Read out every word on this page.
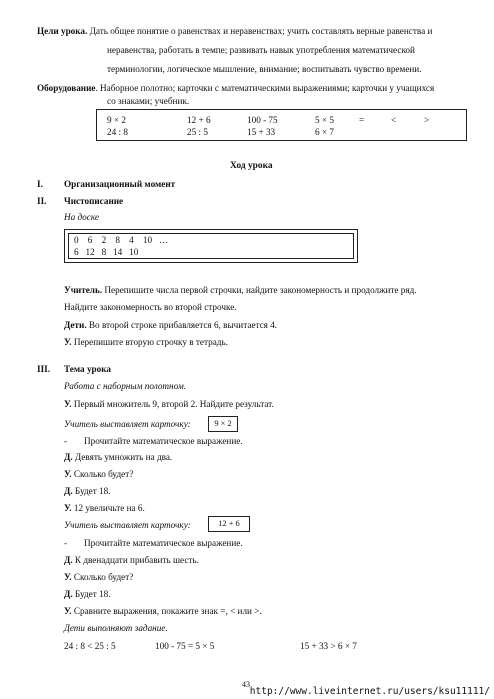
Цели урока. Дать общее понятие о равенствах и неравенствах; учить составлять верные равенства и
неравенства, работать в темпе; развивать навык употребления математической
терминологии, логическое мышление, внимание; воспитывать чувство времени.
Оборудование. Наборное полотно; карточки с математическими выражениями; карточки у учащихся
со знаками; учебник.
9 × 2	12 + 6	100 - 75	5 × 5	=	<	>
24 : 8	25 : 5	15 + 33	6 × 7
Ход урока
I. Организационный момент
II. Чистописание
На доске
0    6    2    8    4    10   …
6   12   8   14   10
Учитель. Перепишите числа первой строчки, найдите закономерность и продолжите ряд.
Найдите закономерность во второй строчке.
Дети. Во второй строке прибавляется 6, вычитается 4.
У. Перепишите вторую строчку в тетрадь.
III. Тема урока
Работа с наборным полотном.
У. Первый множитель 9, второй 2. Найдите результат.
Учитель выставляет карточку:	9 × 2
- Прочитайте математическое выражение.
Д. Девять умножить на два.
У. Сколько будет?
Д. Будет 18.
У. 12 увеличьте на 6.
Учитель выставляет карточку:	12 + 6
- Прочитайте математическое выражение.
Д. К двенадцати прибавить шесть.
У. Сколько будет?
Д. Будет 18.
У. Сравните выражения, покажите знак =, < или >.
Дети выполняют задание.
24 : 8 < 25 : 5	100 - 75 = 5 × 5	15 + 33 > 6 × 7
43
http://www.liveinternet.ru/users/ksu11111/
